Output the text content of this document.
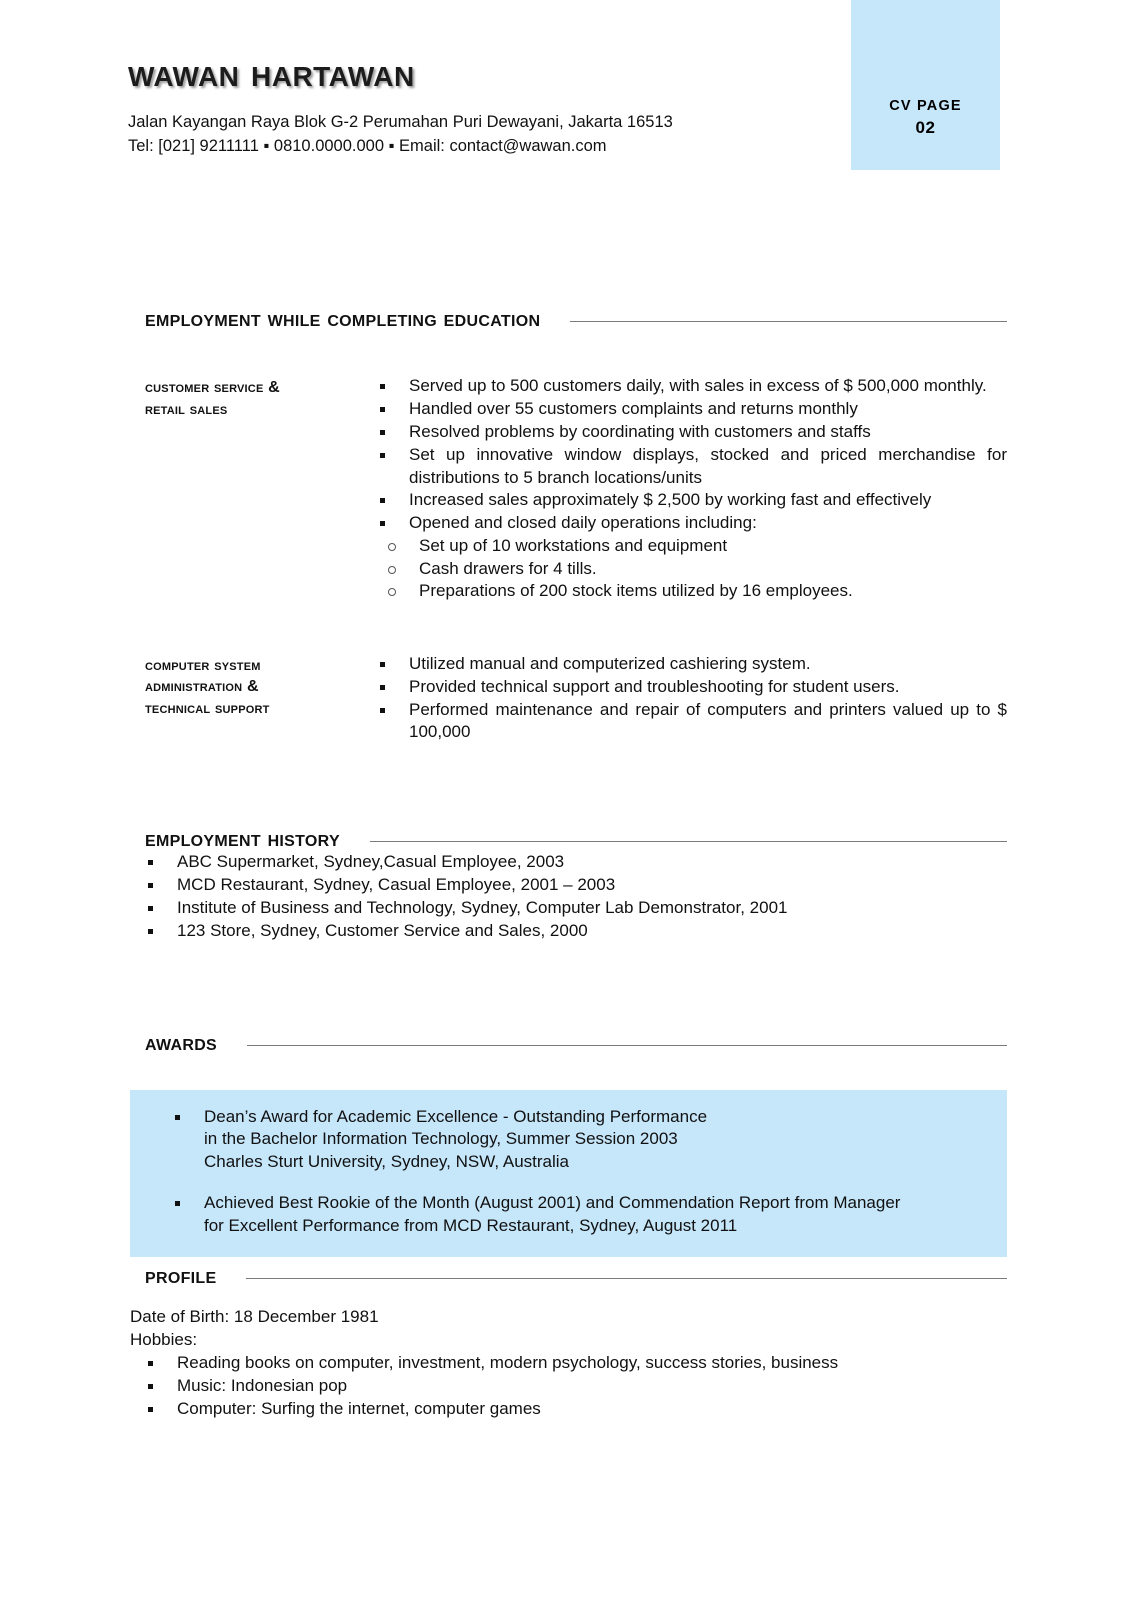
CV PAGE
02
wawan hartawan
Jalan Kayangan Raya Blok G-2 Perumahan Puri Dewayani, Jakarta 16513
Tel: [021] 9211111 ▪ 0810.0000.000 ▪ Email: contact@wawan.com
employment while completing education
customer service &
retail sales
Served up to 500 customers daily, with sales in excess of $ 500,000 monthly.
Handled over 55 customers complaints and returns monthly
Resolved problems by coordinating with customers and staffs
Set up innovative window displays, stocked and priced merchandise for distributions to 5 branch locations/units
Increased sales approximately $ 2,500 by working fast and effectively
Opened and closed daily operations including:
Set up of 10 workstations and equipment
Cash drawers for 4 tills.
Preparations of 200 stock items utilized by 16 employees.
computer system
administration &
technical support
Utilized manual and computerized cashiering system.
Provided technical support and troubleshooting for student users.
Performed maintenance and repair of computers and printers valued up to $ 100,000
employment history
ABC Supermarket, Sydney,Casual Employee, 2003
MCD Restaurant, Sydney, Casual Employee, 2001 – 2003
Institute of Business and Technology, Sydney, Computer Lab Demonstrator, 2001
123 Store, Sydney, Customer Service and Sales, 2000
awards
Dean’s Award for Academic Excellence - Outstanding Performance
in the Bachelor Information Technology, Summer Session 2003
Charles Sturt University, Sydney, NSW, Australia
Achieved Best Rookie of the Month (August 2001) and Commendation Report from Manager
for Excellent Performance from MCD Restaurant, Sydney, August 2011
profile
Date of Birth: 18 December 1981
Hobbies:
Reading books on computer, investment, modern psychology, success stories, business
Music: Indonesian pop
Computer: Surfing the internet, computer games
